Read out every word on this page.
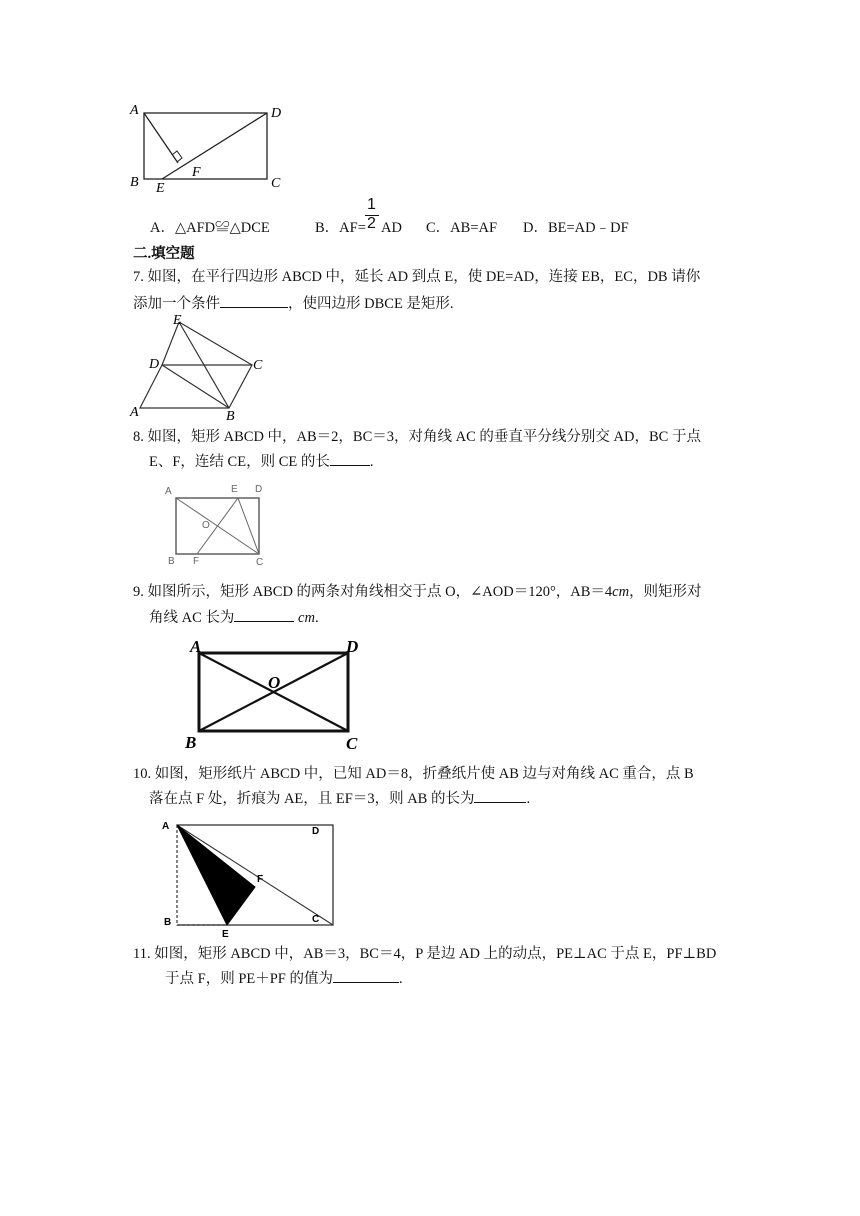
A	D
B	C
E
F
A．△AFD≌△DCE	B．AF=
1
2 AD C．AB=AF D．BE=AD﹣DF
二.填空题
7. 如图，在平行四边形 ABCD 中，延长 AD 到点 E，使 DE=AD，连接 EB，EC，DB 请你
添加一个条件	，使四边形 DBCE 是矩形.
E
D	C
A	B
8. 如图，矩形 ABCD 中，AB＝2，BC＝3，对角线 AC 的垂直平分线分别交 AD，BC 于点
E、F，连结 CE，则 CE 的长	.
A	E D
O
B F	C
9. 如图所示，矩形 ABCD 的两条对角线相交于点 O，∠AOD＝120°，AB＝4cm，则矩形对
角线 AC 长为	cm.
A	D
O
B	C
10. 如图，矩形纸片 ABCD 中，已知 AD＝8，折叠纸片使 AB 边与对角线 AC 重合，点 B
落在点 F 处，折痕为 AE，且 EF＝3，则 AB 的长为	.
A	D
F
B	C
E
11. 如图，矩形 ABCD 中，AB＝3，BC＝4，P 是边 AD 上的动点，PE⊥AC 于点 E，PF⊥BD
于点 F，则 PE＋PF 的值为	.
